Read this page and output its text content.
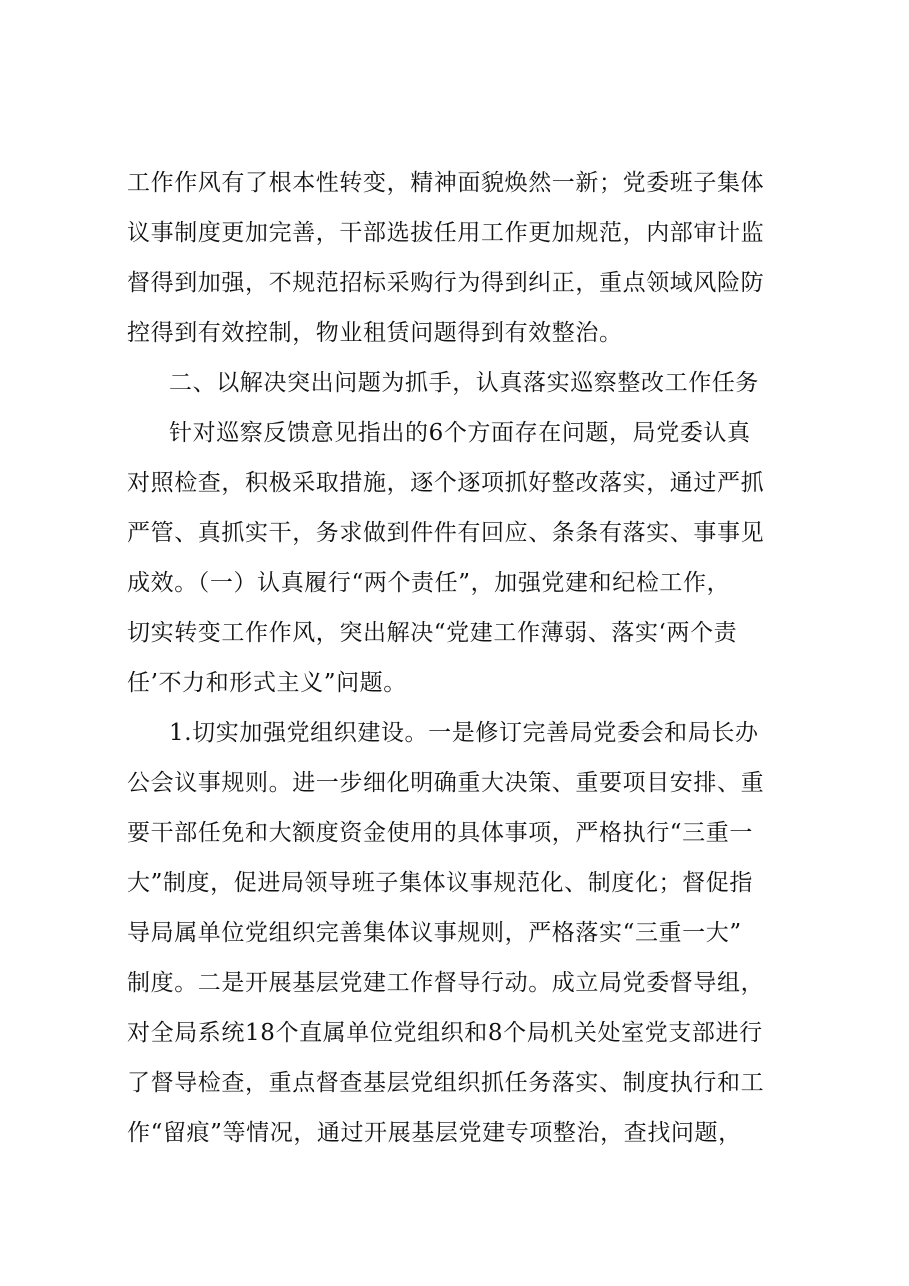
工作作风有了根本性转变，精神面貌焕然一新；党委班子集体
议事制度更加完善，干部选拔任用工作更加规范，内部审计监
督得到加强，不规范招标采购行为得到纠正，重点领域风险防
控得到有效控制，物业租赁问题得到有效整治。
二、以解决突出问题为抓手，认真落实巡察整改工作任务
针对巡察反馈意见指出的6个方面存在问题，局党委认真
对照检查，积极采取措施，逐个逐项抓好整改落实，通过严抓
严管、真抓实干，务求做到件件有回应、条条有落实、事事见
成效。（一）认真履行“两个责任”，加强党建和纪检工作，
切实转变工作作风，突出解决“党建工作薄弱、落实‘两个责
任’不力和形式主义”问题。
1.切实加强党组织建设。一是修订完善局党委会和局长办
公会议事规则。进一步细化明确重大决策、重要项目安排、重
要干部任免和大额度资金使用的具体事项，严格执行“三重一
大”制度，促进局领导班子集体议事规范化、制度化；督促指
导局属单位党组织完善集体议事规则，严格落实“三重一大”
制度。二是开展基层党建工作督导行动。成立局党委督导组，
对全局系统18个直属单位党组织和8个局机关处室党支部进行
了督导检查，重点督查基层党组织抓任务落实、制度执行和工
作“留痕”等情况，通过开展基层党建专项整治，查找问题，
